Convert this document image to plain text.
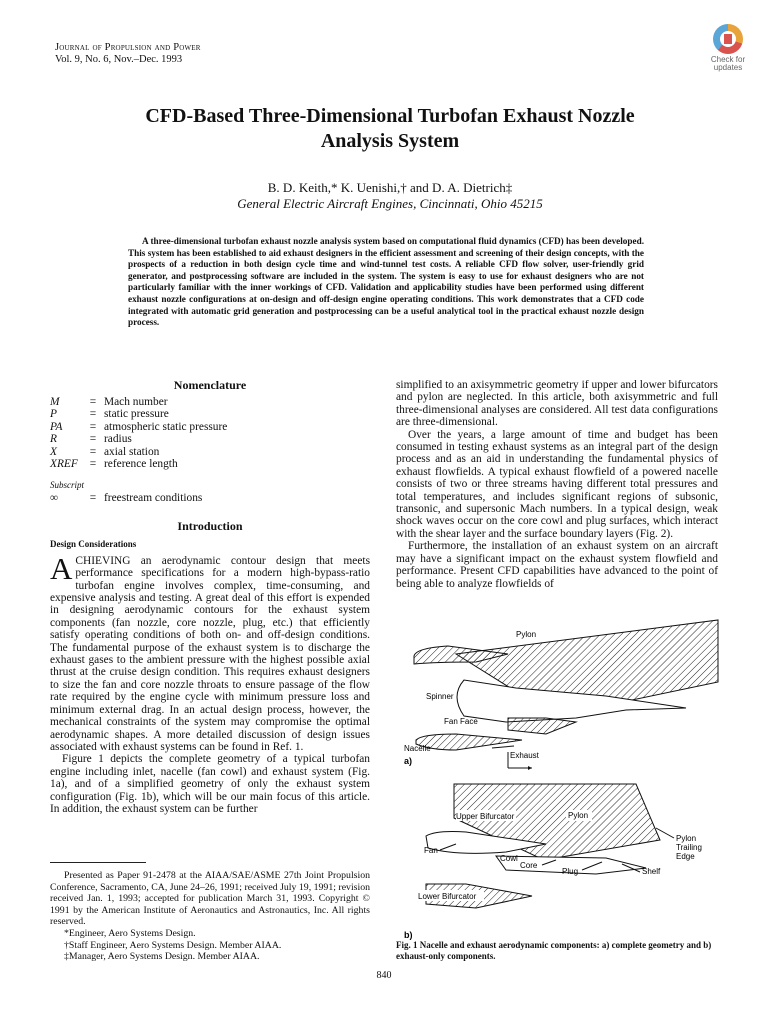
Journal of Propulsion and Power
Vol. 9, No. 6, Nov.–Dec. 1993	Check for
updates
CFD-Based Three-Dimensional Turbofan Exhaust Nozzle
Analysis System
B. D. Keith,* K. Uenishi,† and D. A. Dietrich‡
General Electric Aircraft Engines, Cincinnati, Ohio 45215
A three-dimensional turbofan exhaust nozzle analysis system based on computational fluid dynamics (CFD) has been developed. This system has been established to aid exhaust designers in the efficient assessment and screening of their design concepts, with the prospects of a reduction in both design cycle time and wind-tunnel test costs. A reliable CFD flow solver, user-friendly grid generator, and postprocessing software are included in the system. The system is easy to use for exhaust designers who are not particularly familiar with the inner workings of CFD. Validation and applicability studies have been performed using different exhaust nozzle configurations at on-design and off-design engine operating conditions. This work demonstrates that a CFD code integrated with automatic grid generation and postprocessing can be a useful analytical tool in the practical exhaust nozzle design process.
Nomenclature
M	= Mach number
P	= static pressure
PA	= atmospheric static pressure
R	= radius
X	= axial station
XREF	= reference length
Subscript
∞	= freestream conditions
Introduction
Design Considerations
ACHIEVING an aerodynamic contour design that meets performance specifications for a modern high-bypass-ratio turbofan engine involves complex, time-consuming, and expensive analysis and testing. A great deal of this effort is expended in designing aerodynamic contours for the exhaust system components (fan nozzle, core nozzle, plug, etc.) that efficiently satisfy operating conditions of both on- and off-design conditions. The fundamental purpose of the exhaust system is to discharge the exhaust gases to the ambient pressure with the highest possible axial thrust at the cruise design condition. This requires exhaust designers to size the fan and core nozzle throats to ensure passage of the flow rate required by the engine cycle with minimum pressure loss and minimum external drag. In an actual design process, however, the mechanical constraints of the system may compromise the optimal aerodynamic shapes. A more detailed discussion of design issues associated with exhaust systems can be found in Ref. 1.
Figure 1 depicts the complete geometry of a typical turbofan engine including inlet, nacelle (fan cowl) and exhaust system (Fig. 1a), and of a simplified geometry of only the exhaust system configuration (Fig. 1b), which will be our main focus of this article. In addition, the exhaust system can be further
simplified to an axisymmetric geometry if upper and lower bifurcators and pylon are neglected. In this article, both axisymmetric and full three-dimensional analyses are considered. All test data configurations are three-dimensional.
Over the years, a large amount of time and budget has been consumed in testing exhaust systems as an integral part of the design process and as an aid in understanding the fundamental physics of exhaust flowfields. A typical exhaust flowfield of a powered nacelle consists of two or three streams having different total pressures and total temperatures, and includes significant regions of subsonic, transonic, and supersonic Mach numbers. In a typical design, weak shock waves occur on the core cowl and plug surfaces, which interact with the shear layer and the surface boundary layers (Fig. 2).
Furthermore, the installation of an exhaust system on an aircraft may have a significant impact on the exhaust system flowfield and performance. Present CFD capabilities have advanced to the point of being able to analyze flowfields of
Pylon
Spinner
Fan Face
Nacelle
Exhaust
a)
Upper Bifurcator	Pylon
Pylon
Trailing
Edge
Fan
Cowl
Core
Plug	Shelf
Lower Bifurcator
b)
Fig. 1 Nacelle and exhaust aerodynamic components: a) complete geometry and b) exhaust-only components.
Presented as Paper 91-2478 at the AIAA/SAE/ASME 27th Joint Propulsion Conference, Sacramento, CA, June 24–26, 1991; received July 19, 1991; revision received Jan. 1, 1993; accepted for publication March 31, 1993. Copyright © 1991 by the American Institute of Aeronautics and Astronautics, Inc. All rights reserved.
*Engineer, Aero Systems Design.
†Staff Engineer, Aero Systems Design. Member AIAA.
‡Manager, Aero Systems Design. Member AIAA.
840
